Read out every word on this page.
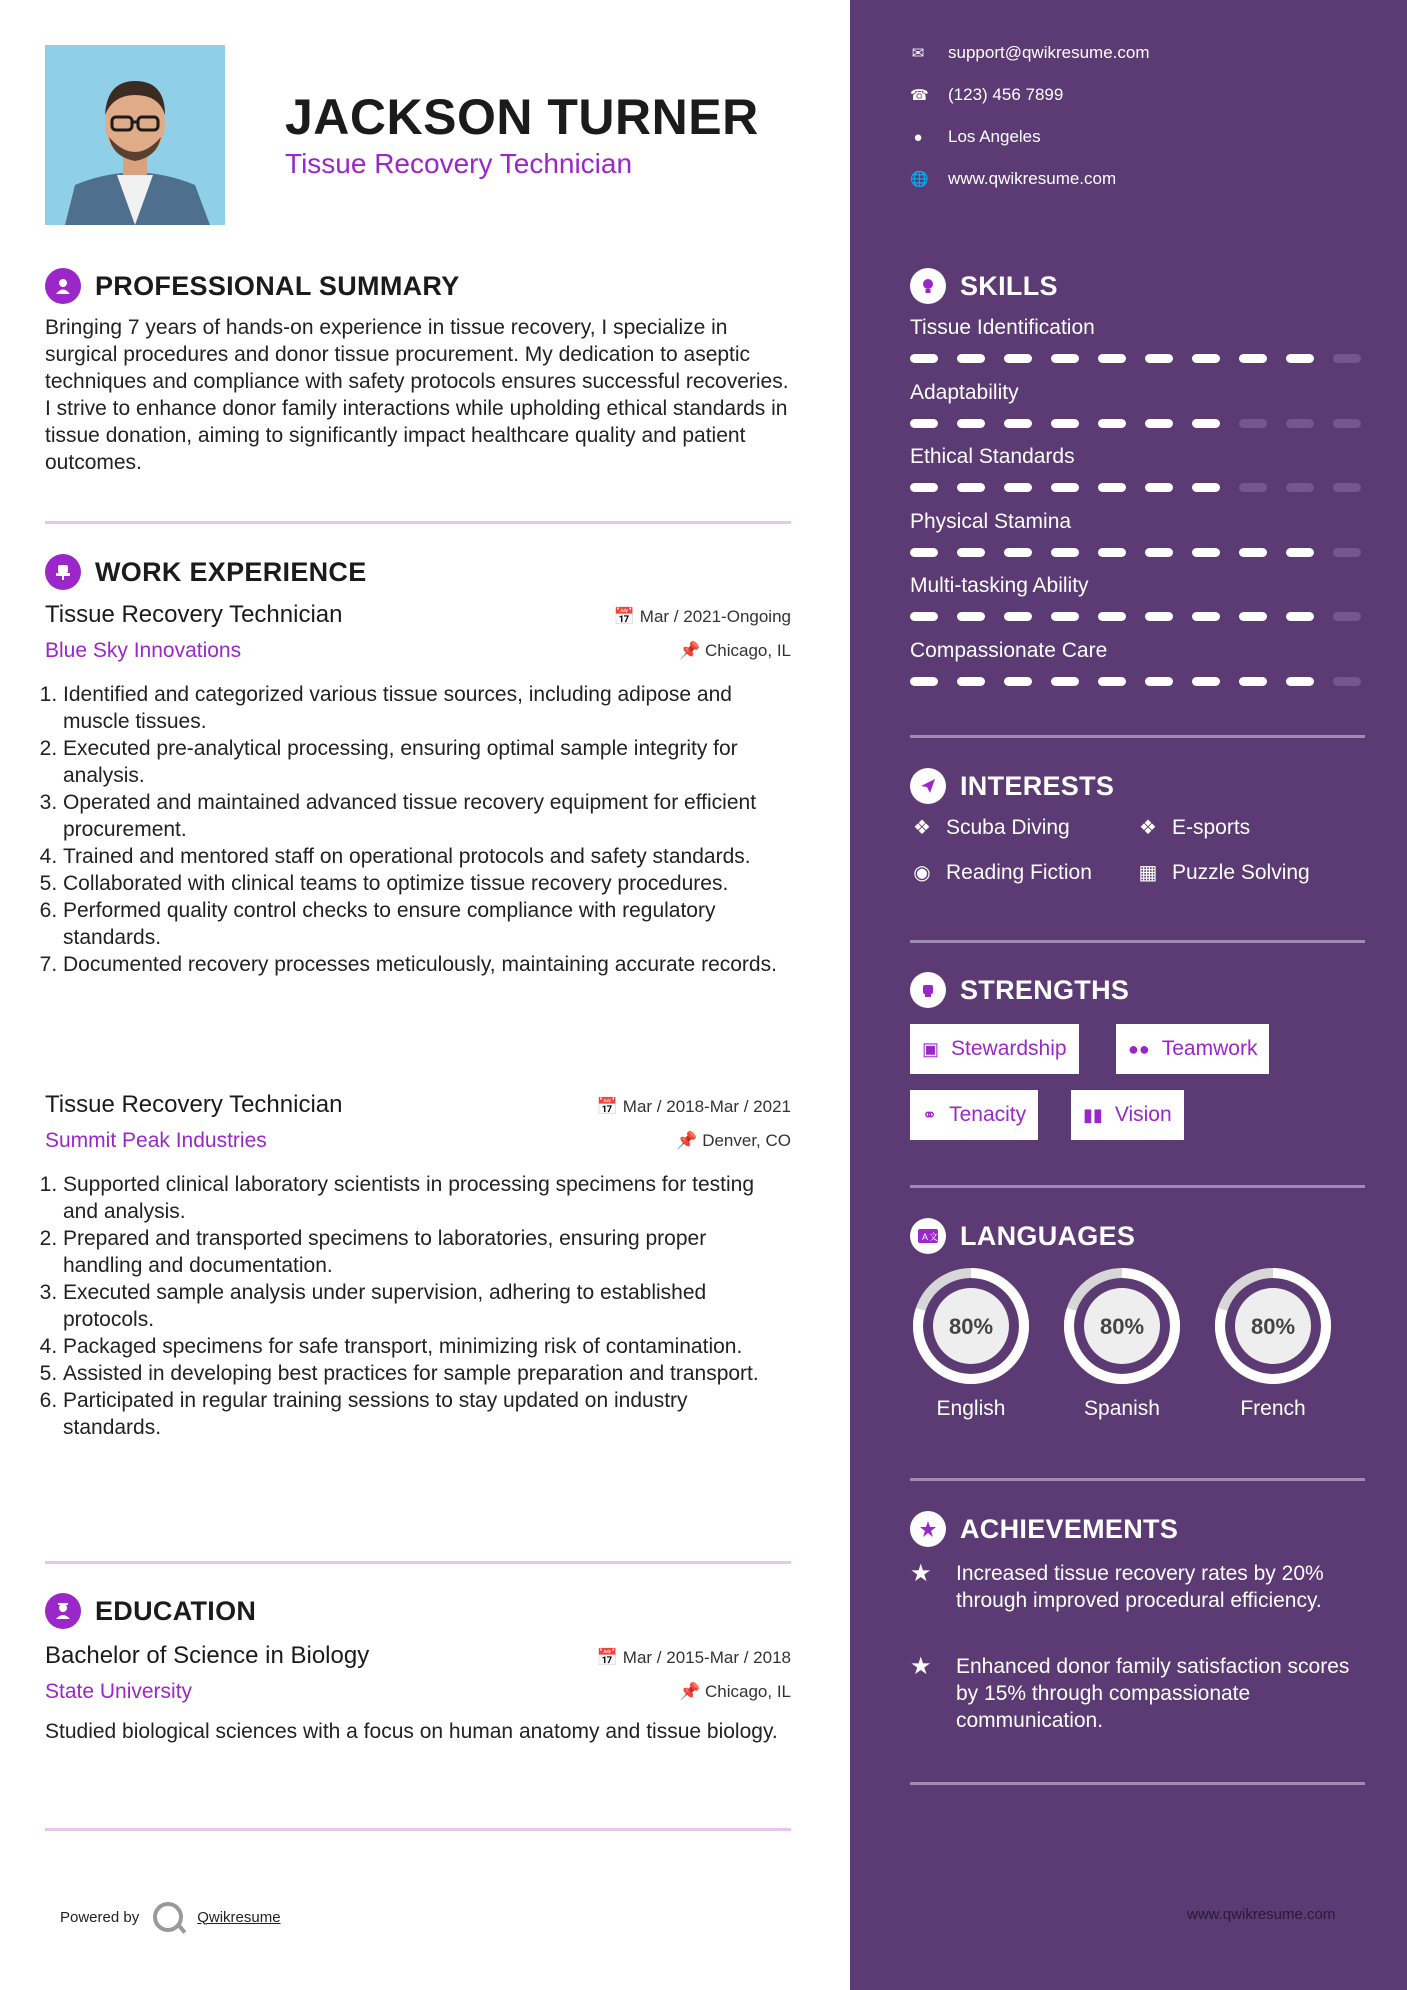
JACKSON TURNER
Tissue Recovery Technician
PROFESSIONAL SUMMARY
Bringing 7 years of hands-on experience in tissue recovery, I specialize in surgical procedures and donor tissue procurement. My dedication to aseptic techniques and compliance with safety protocols ensures successful recoveries. I strive to enhance donor family interactions while upholding ethical standards in tissue donation, aiming to significantly impact healthcare quality and patient outcomes.
WORK EXPERIENCE
Tissue Recovery Technician	📅 Mar / 2021-Ongoing
Blue Sky Innovations	📌 Chicago, IL
1. Identified and categorized various tissue sources, including adipose and muscle tissues.
2. Executed pre-analytical processing, ensuring optimal sample integrity for analysis.
3. Operated and maintained advanced tissue recovery equipment for efficient procurement.
4. Trained and mentored staff on operational protocols and safety standards.
5. Collaborated with clinical teams to optimize tissue recovery procedures.
6. Performed quality control checks to ensure compliance with regulatory standards.
7. Documented recovery processes meticulously, maintaining accurate records.
Tissue Recovery Technician	📅 Mar / 2018-Mar / 2021
Summit Peak Industries	📌 Denver, CO
1. Supported clinical laboratory scientists in processing specimens for testing and analysis.
2. Prepared and transported specimens to laboratories, ensuring proper handling and documentation.
3. Executed sample analysis under supervision, adhering to established protocols.
4. Packaged specimens for safe transport, minimizing risk of contamination.
5. Assisted in developing best practices for sample preparation and transport.
6. Participated in regular training sessions to stay updated on industry standards.
EDUCATION
Bachelor of Science in Biology	📅 Mar / 2015-Mar / 2018
State University	📌 Chicago, IL
Studied biological sciences with a focus on human anatomy and tissue biology.
Powered by	Qwikresume
✉ support@qwikresume.com
☎ (123) 456 7899
● Los Angeles
🌐 www.qwikresume.com
SKILLS
Tissue Identification
Adaptability
Ethical Standards
Physical Stamina
Multi-tasking Ability
Compassionate Care
INTERESTS
❖ Scuba Diving	❖ E-sports
◉ Reading Fiction ▦ Puzzle Solving
STRENGTHS
▣ Stewardship	●● Teamwork
⚭ Tenacity	▮▮ Vision
A 文 LANGUAGES
80%
English
80%
Spanish
80%
French
ACHIEVEMENTS
★	Increased tissue recovery rates by 20% through improved procedural efficiency.
★	Enhanced donor family satisfaction scores by 15% through compassionate communication.
www.qwikresume.com
